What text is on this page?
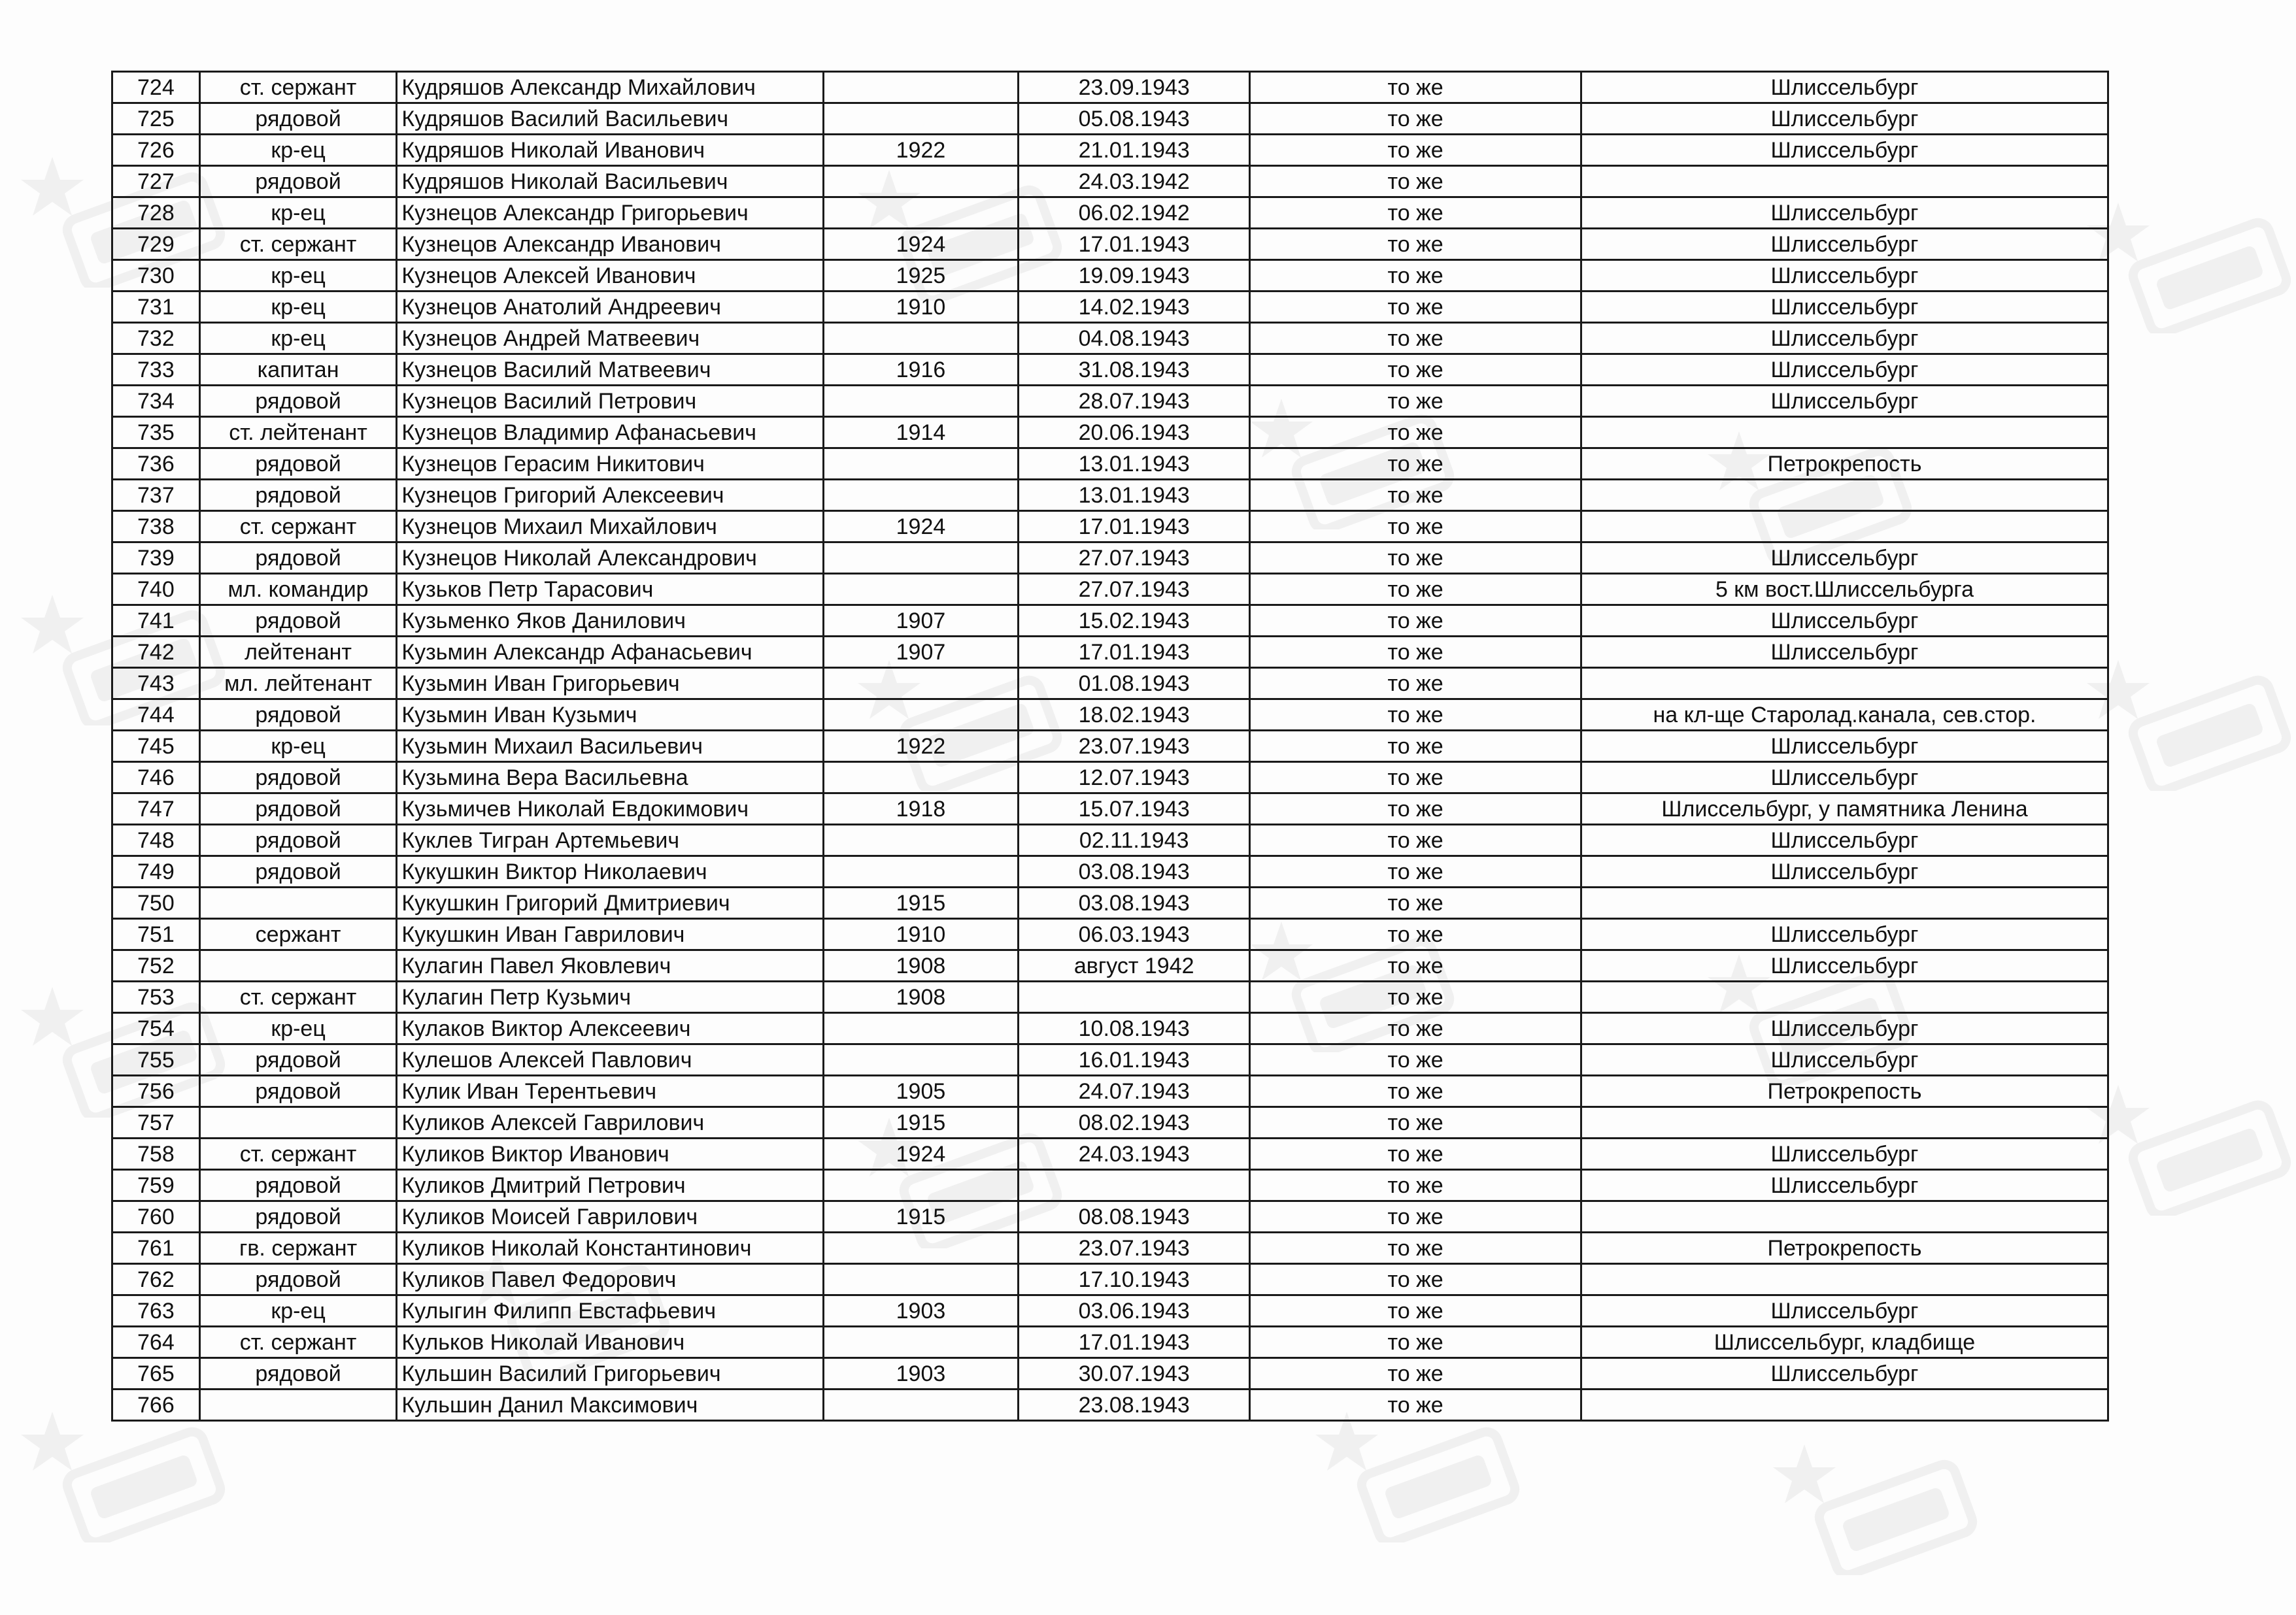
724	ст. сержант	Кудряшов Александр Михайлович		23.09.1943	то же	Шлиссельбург
725	рядовой	Кудряшов Василий Васильевич		05.08.1943	то же	Шлиссельбург
726	кр-ец	Кудряшов Николай Иванович	1922	21.01.1943	то же	Шлиссельбург
727	рядовой	Кудряшов Николай Васильевич		24.03.1942	то же	
728	кр-ец	Кузнецов Александр Григорьевич		06.02.1942	то же	Шлиссельбург
729	ст. сержант	Кузнецов Александр Иванович	1924	17.01.1943	то же	Шлиссельбург
730	кр-ец	Кузнецов Алексей Иванович	1925	19.09.1943	то же	Шлиссельбург
731	кр-ец	Кузнецов Анатолий Андреевич	1910	14.02.1943	то же	Шлиссельбург
732	кр-ец	Кузнецов Андрей Матвеевич		04.08.1943	то же	Шлиссельбург
733	капитан	Кузнецов Василий Матвеевич	1916	31.08.1943	то же	Шлиссельбург
734	рядовой	Кузнецов Василий Петрович		28.07.1943	то же	Шлиссельбург
735	ст. лейтенант	Кузнецов Владимир Афанасьевич	1914	20.06.1943	то же	
736	рядовой	Кузнецов Герасим Никитович		13.01.1943	то же	Петрокрепость
737	рядовой	Кузнецов Григорий Алексеевич		13.01.1943	то же	
738	ст. сержант	Кузнецов Михаил Михайлович	1924	17.01.1943	то же	
739	рядовой	Кузнецов Николай Александрович		27.07.1943	то же	Шлиссельбург
740	мл. командир	Кузьков Петр Тарасович		27.07.1943	то же	5 км вост.Шлиссельбурга
741	рядовой	Кузьменко Яков Данилович	1907	15.02.1943	то же	Шлиссельбург
742	лейтенант	Кузьмин Александр Афанасьевич	1907	17.01.1943	то же	Шлиссельбург
743	мл. лейтенант	Кузьмин Иван Григорьевич		01.08.1943	то же	
744	рядовой	Кузьмин Иван Кузьмич		18.02.1943	то же	на кл-ще Старолад.канала, сев.стор.
745	кр-ец	Кузьмин Михаил Васильевич	1922	23.07.1943	то же	Шлиссельбург
746	рядовой	Кузьмина Вера Васильевна		12.07.1943	то же	Шлиссельбург
747	рядовой	Кузьмичев Николай Евдокимович	1918	15.07.1943	то же	Шлиссельбург, у памятника Ленина
748	рядовой	Куклев Тигран Артемьевич		02.11.1943	то же	Шлиссельбург
749	рядовой	Кукушкин Виктор Николаевич		03.08.1943	то же	Шлиссельбург
750		Кукушкин Григорий Дмитриевич	1915	03.08.1943	то же	
751	сержант	Кукушкин Иван Гаврилович	1910	06.03.1943	то же	Шлиссельбург
752		Кулагин Павел Яковлевич	1908	август 1942	то же	Шлиссельбург
753	ст. сержант	Кулагин Петр Кузьмич	1908		то же	
754	кр-ец	Кулаков Виктор Алексеевич		10.08.1943	то же	Шлиссельбург
755	рядовой	Кулешов Алексей Павлович		16.01.1943	то же	Шлиссельбург
756	рядовой	Кулик Иван Терентьевич	1905	24.07.1943	то же	Петрокрепость
757		Куликов Алексей Гаврилович	1915	08.02.1943	то же	
758	ст. сержант	Куликов Виктор Иванович	1924	24.03.1943	то же	Шлиссельбург
759	рядовой	Куликов Дмитрий Петрович			то же	Шлиссельбург
760	рядовой	Куликов Моисей Гаврилович	1915	08.08.1943	то же	
761	гв. сержант	Куликов Николай Константинович		23.07.1943	то же	Петрокрепость
762	рядовой	Куликов Павел Федорович		17.10.1943	то же	
763	кр-ец	Кулыгин Филипп Евстафьевич	1903	03.06.1943	то же	Шлиссельбург
764	ст. сержант	Кульков Николай Иванович		17.01.1943	то же	Шлиссельбург, кладбище
765	рядовой	Кульшин Василий Григорьевич	1903	30.07.1943	то же	Шлиссельбург
766		Кульшин Данил Максимович		23.08.1943	то же	
